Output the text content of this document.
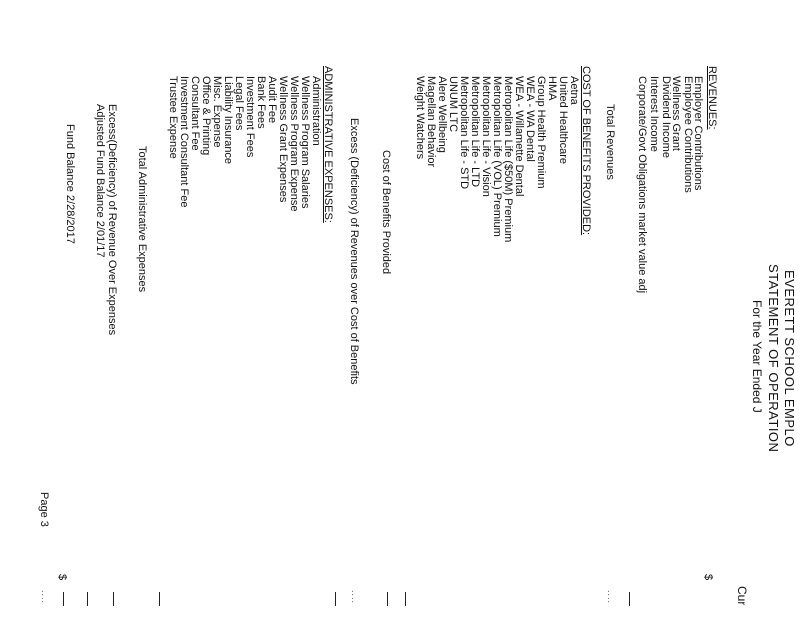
EVERETT SCHOOL EMPLO
STATEMENT OF OPERATION
For the Year Ended J
Cur
$
REVENUES:
Employer Contributions
Employee Contributions
Wellness Grant
Dividend Income
Interest Income
Corporate/Govt Obligations market value adj
Total Revenues
....
COST OF BENEFITS PROVIDED:
Aetna
United Healthcare
HMA
Group Health Premium
WEA - WA Dental
WEA - Willamette Dental
Metropolitan Life ($50M) Premium
Metropolitan Life (VOL) Premium
Metropolitan Life - Vision
Metropolitan Life - LTD
Metropolitan Life - STD
UNUM LTC
Alere Wellbeing
Magellan Behavior
Weight Watchers
Cost of Benefits Provided
Excess (Deficiency) of Revenues over Cost of Benefits
....
ADMINISTRATIVE EXPENSES:
Administration
Wellness Program Salaries
Wellness Program Expense
Wellness Grant Expenses
Audit Fee
Bank Fees
Investment Fees
Legal Fees
Liability Insurance
Misc. Expense
Office & Printing
Consultant Fee
Investment Consultant Fee
Trustee Expense
Total Administrative Expenses
Excess(Deficiency) of Revenue Over Expenses
Adjusted Fund Balance 2/01/17
Fund Balance 2/28/2017
$
....
Page 3
